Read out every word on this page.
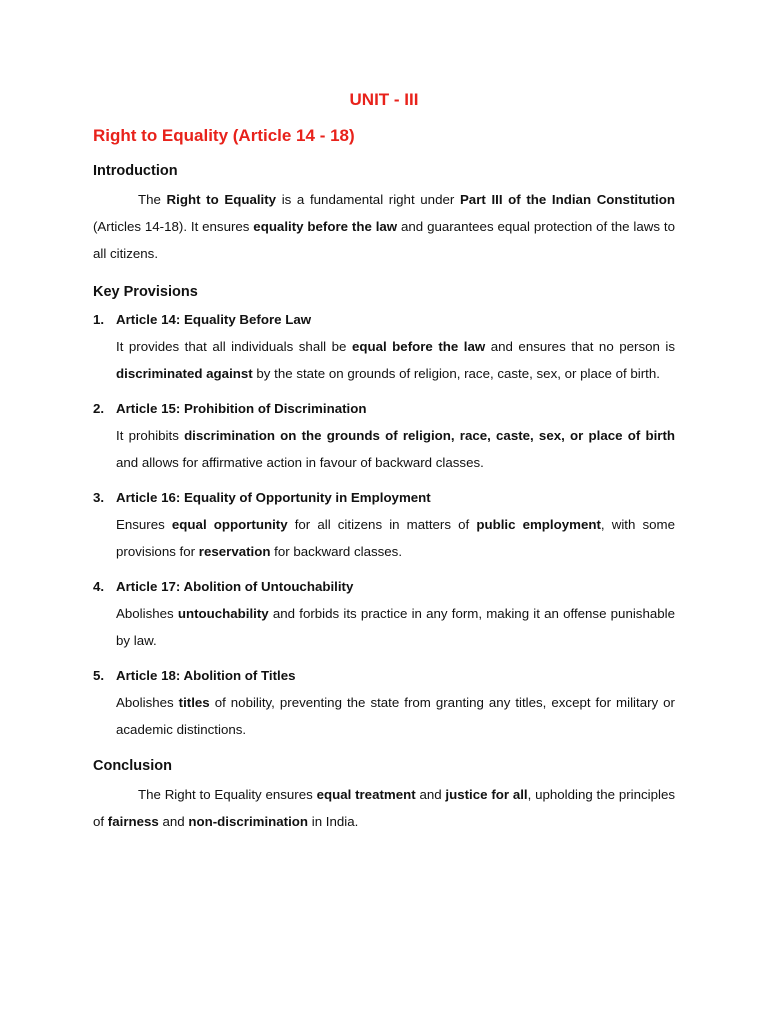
UNIT - III
Right to Equality (Article 14 - 18)
Introduction

The Right to Equality is a fundamental right under Part III of the Indian Constitution (Articles 14-18). It ensures equality before the law and guarantees equal protection of the laws to all citizens.

Key Provisions
1. Article 14: Equality Before Law
It provides that all individuals shall be equal before the law and ensures that no person is discriminated against by the state on grounds of religion, race, caste, sex, or place of birth.
2. Article 15: Prohibition of Discrimination
It prohibits discrimination on the grounds of religion, race, caste, sex, or place of birth and allows for affirmative action in favour of backward classes.
3. Article 16: Equality of Opportunity in Employment
Ensures equal opportunity for all citizens in matters of public employment, with some provisions for reservation for backward classes.
4. Article 17: Abolition of Untouchability
Abolishes untouchability and forbids its practice in any form, making it an offense punishable by law.
5. Article 18: Abolition of Titles
Abolishes titles of nobility, preventing the state from granting any titles, except for military or academic distinctions.
Conclusion

The Right to Equality ensures equal treatment and justice for all, upholding the principles of fairness and non-discrimination in India.
